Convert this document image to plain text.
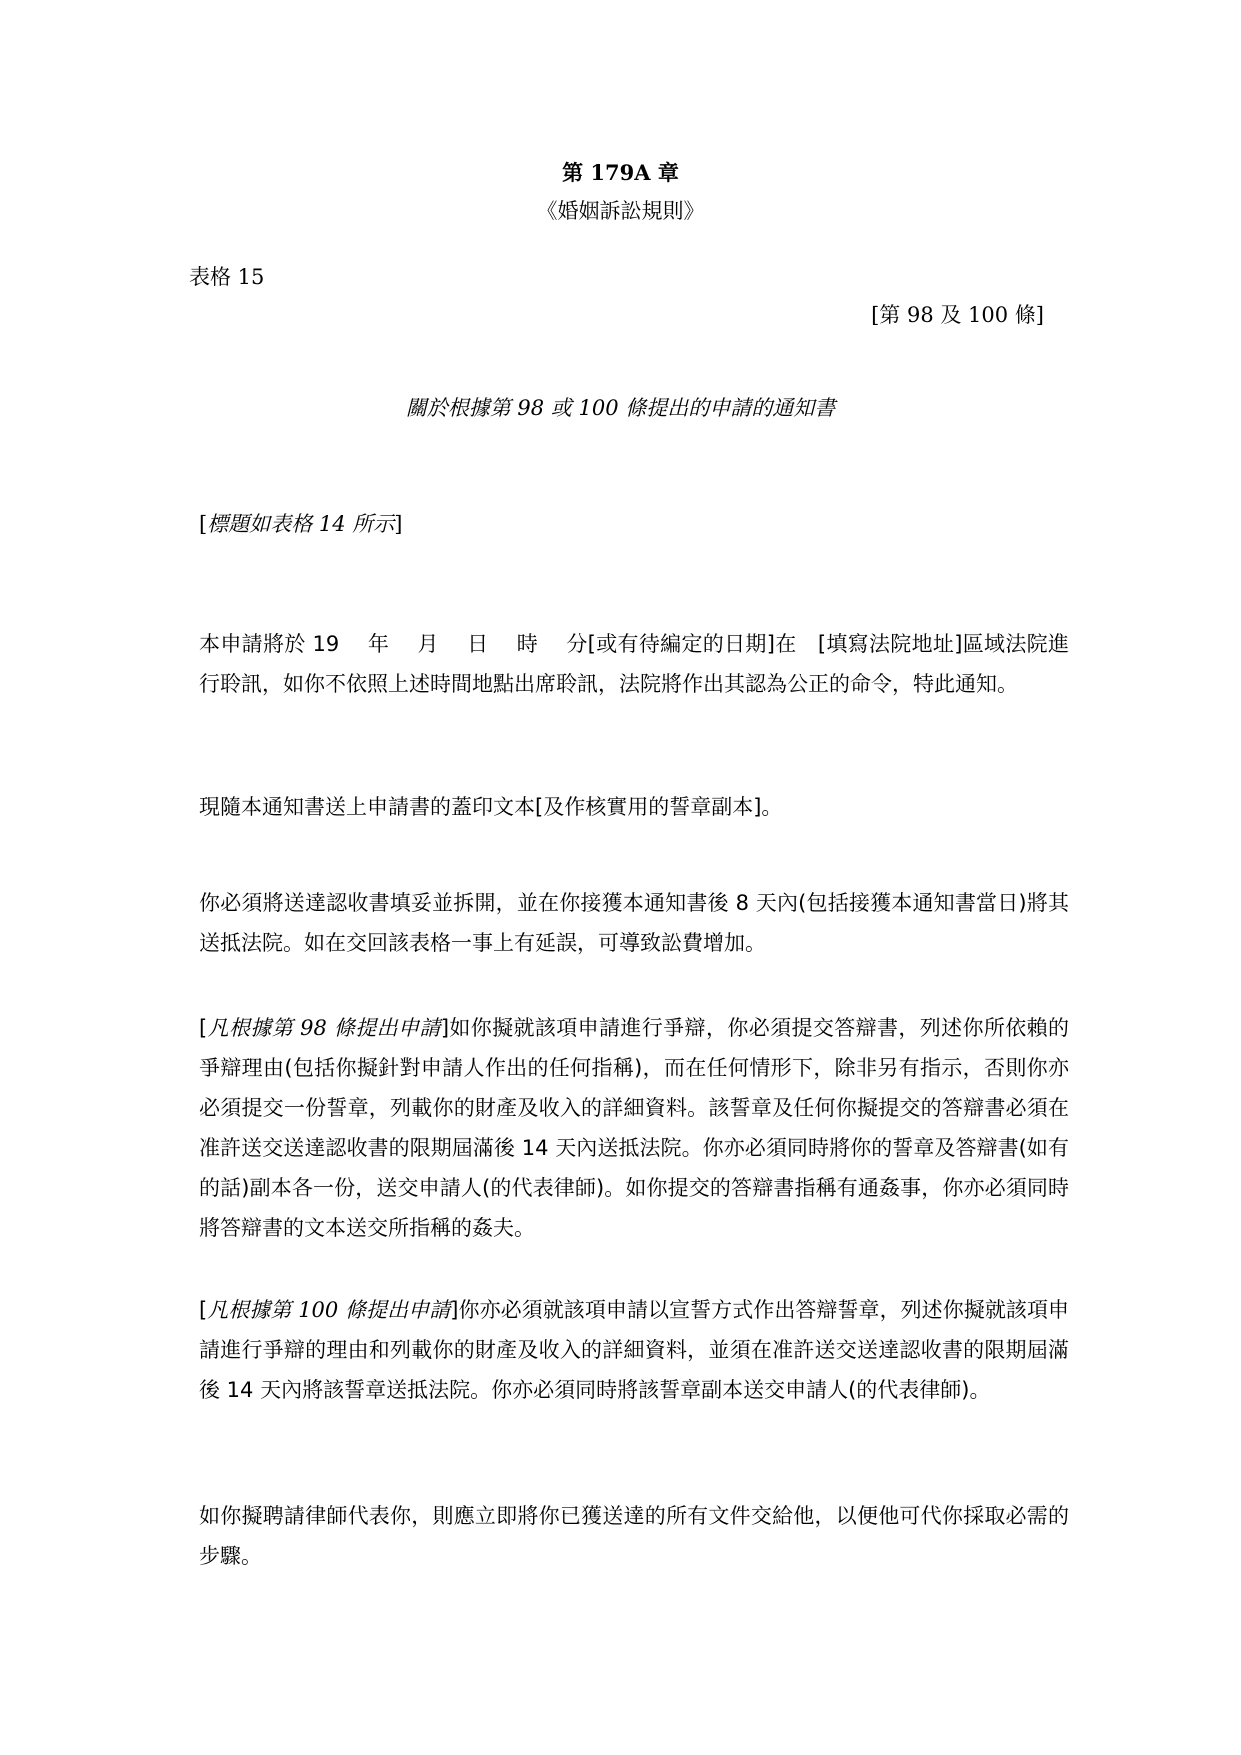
第 179A 章
《婚姻訴訟規則》
表格 15
[第 98 及 100 條]
關於根據第 98 或 100 條提出的申請的通知書
[標題如表格 14 所示]
本申請將於 19　 年　 月　 日　 時　 分[或有待編定的日期]在　[填寫法院地址]區域法院進行聆訊，如你不依照上述時間地點出席聆訊，法院將作出其認為公正的命令，特此通知。
現隨本通知書送上申請書的蓋印文本[及作核實用的誓章副本]。
你必須將送達認收書填妥並拆開，並在你接獲本通知書後 8 天內(包括接獲本通知書當日)將其送抵法院。如在交回該表格一事上有延誤，可導致訟費增加。
[凡根據第 98 條提出申請]如你擬就該項申請進行爭辯，你必須提交答辯書，列述你所依賴的爭辯理由(包括你擬針對申請人作出的任何指稱)，而在任何情形下，除非另有指示，否則你亦必須提交一份誓章，列載你的財產及收入的詳細資料。該誓章及任何你擬提交的答辯書必須在准許送交送達認收書的限期屆滿後 14 天內送抵法院。你亦必須同時將你的誓章及答辯書(如有的話)副本各一份，送交申請人(的代表律師)。如你提交的答辯書指稱有通姦事，你亦必須同時將答辯書的文本送交所指稱的姦夫。
[凡根據第 100 條提出申請]你亦必須就該項申請以宣誓方式作出答辯誓章，列述你擬就該項申請進行爭辯的理由和列載你的財產及收入的詳細資料，並須在准許送交送達認收書的限期屆滿後 14 天內將該誓章送抵法院。你亦必須同時將該誓章副本送交申請人(的代表律師)。
如你擬聘請律師代表你，則應立即將你已獲送達的所有文件交給他，以便他可代你採取必需的步驟。
